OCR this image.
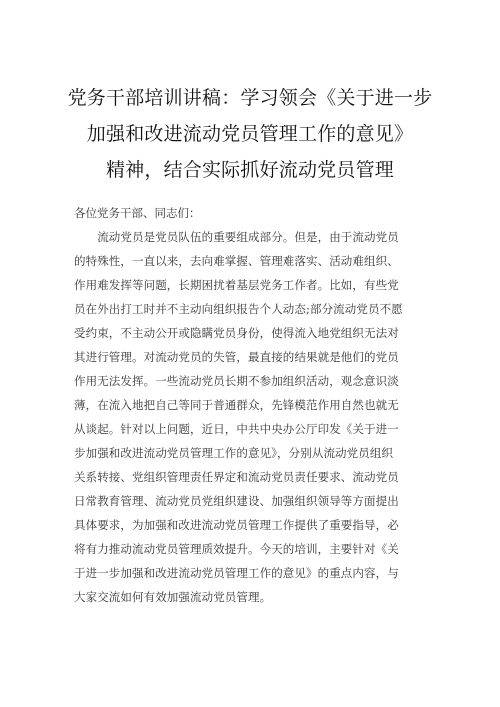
党务干部培训讲稿：学习领会《关于进一步
加强和改进流动党员管理工作的意见》
精神，结合实际抓好流动党员管理
各位党务干部、同志们：
　　流动党员是党员队伍的重要组成部分。但是，由于流动党员
的特殊性，一直以来，去向难掌握、管理难落实、活动难组织、
作用难发挥等问题，长期困扰着基层党务工作者。比如，有些党
员在外出打工时并不主动向组织报告个人动态;部分流动党员不愿
受约束，不主动公开或隐瞒党员身份，使得流入地党组织无法对
其进行管理。对流动党员的失管，最直接的结果就是他们的党员
作用无法发挥。一些流动党员长期不参加组织活动，观念意识淡
薄，在流入地把自己等同于普通群众，先锋模范作用自然也就无
从谈起。针对以上问题，近日，中共中央办公厅印发《关于进一
步加强和改进流动党员管理工作的意见》，分别从流动党员组织
关系转接、党组织管理责任界定和流动党员责任要求、流动党员
日常教育管理、流动党员党组织建设、加强组织领导等方面提出
具体要求，为加强和改进流动党员管理工作提供了重要指导，必
将有力推动流动党员管理质效提升。今天的培训，主要针对《关
于进一步加强和改进流动党员管理工作的意见》的重点内容，与
大家交流如何有效加强流动党员管理。
